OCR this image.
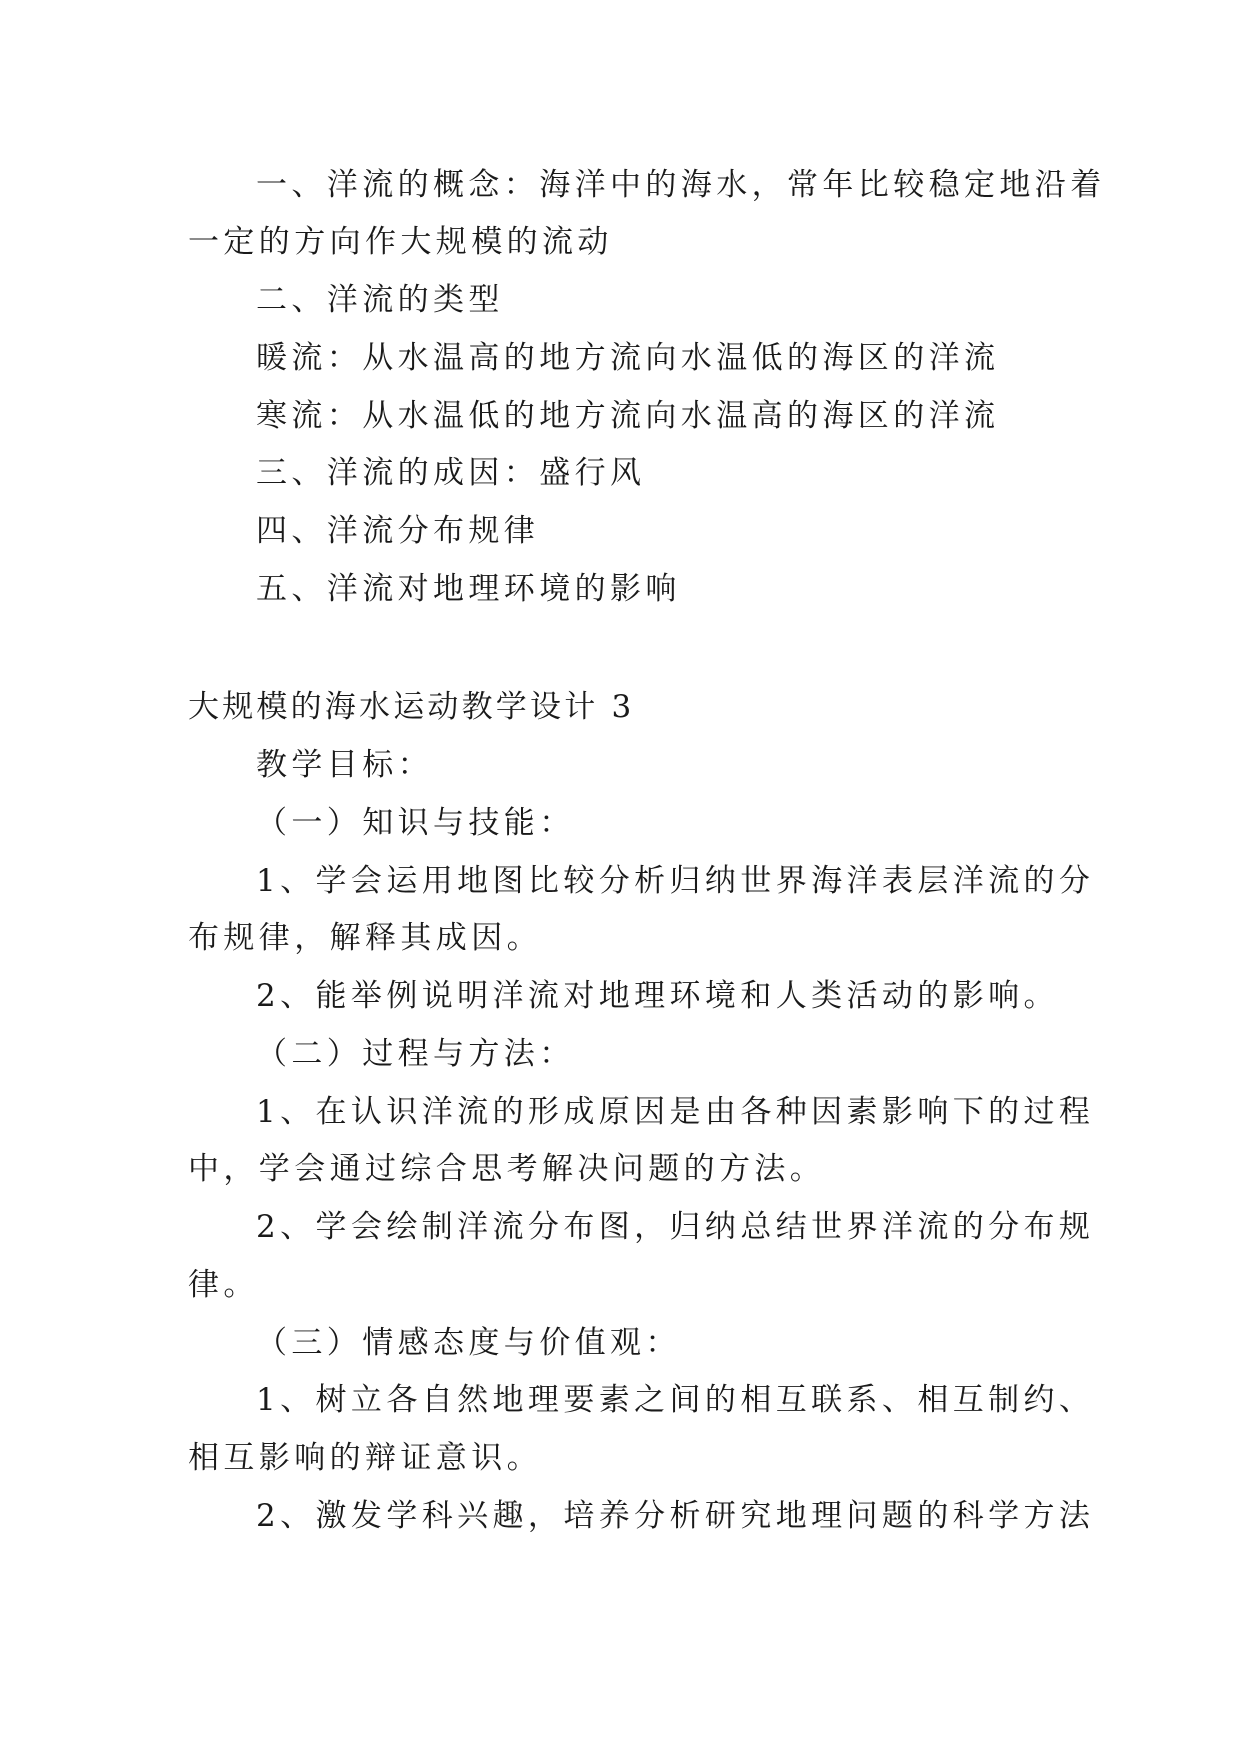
一、洋流的概念：海洋中的海水，常年比较稳定地沿着
一定的方向作大规模的流动
二、洋流的类型
暖流：从水温高的地方流向水温低的海区的洋流
寒流：从水温低的地方流向水温高的海区的洋流
三、洋流的成因：盛行风
四、洋流分布规律
五、洋流对地理环境的影响
大规模的海水运动教学设计 3
教学目标：
（一）知识与技能：
1、学会运用地图比较分析归纳世界海洋表层洋流的分
布规律，解释其成因。
2、能举例说明洋流对地理环境和人类活动的影响。
（二）过程与方法：
1、在认识洋流的形成原因是由各种因素影响下的过程
中，学会通过综合思考解决问题的方法。
2、学会绘制洋流分布图，归纳总结世界洋流的分布规
律。
（三）情感态度与价值观：
1、树立各自然地理要素之间的相互联系、相互制约、
相互影响的辩证意识。
2、激发学科兴趣，培养分析研究地理问题的科学方法
